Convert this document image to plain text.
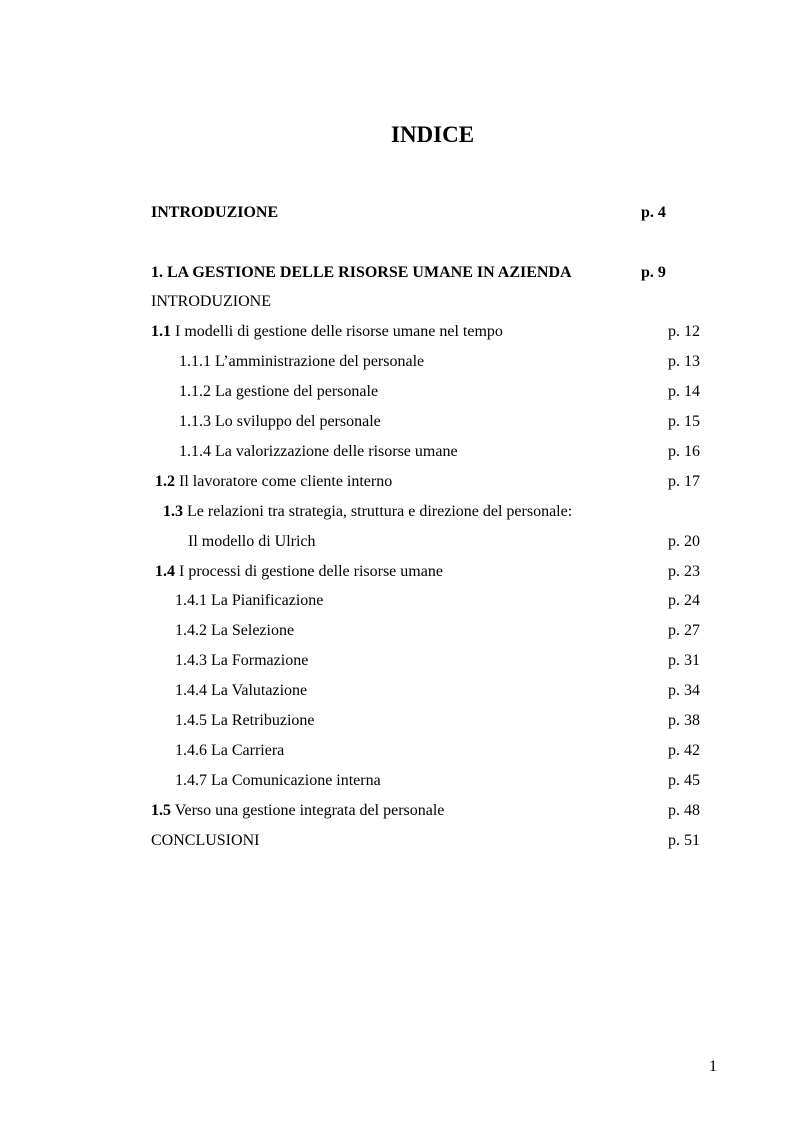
INDICE
INTRODUZIONE	p. 4
1. LA GESTIONE DELLE RISORSE UMANE IN AZIENDA	p. 9
INTRODUZIONE
1.1 I modelli di gestione delle risorse umane nel tempo	p. 12
1.1.1 L’amministrazione del personale	p. 13
1.1.2 La gestione del personale	p. 14
1.1.3 Lo sviluppo del personale	p. 15
1.1.4 La valorizzazione delle risorse umane	p. 16
1.2 Il lavoratore come cliente interno	p. 17
1.3 Le relazioni tra strategia, struttura e direzione del personale:
Il modello di Ulrich	p. 20
1.4 I processi di gestione delle risorse umane	p. 23
1.4.1 La Pianificazione	p. 24
1.4.2 La Selezione	p. 27
1.4.3 La Formazione	p. 31
1.4.4 La Valutazione	p. 34
1.4.5 La Retribuzione	p. 38
1.4.6 La Carriera	p. 42
1.4.7 La Comunicazione interna	p. 45
1.5 Verso una gestione integrata del personale	p. 48
CONCLUSIONI	p. 51
1
